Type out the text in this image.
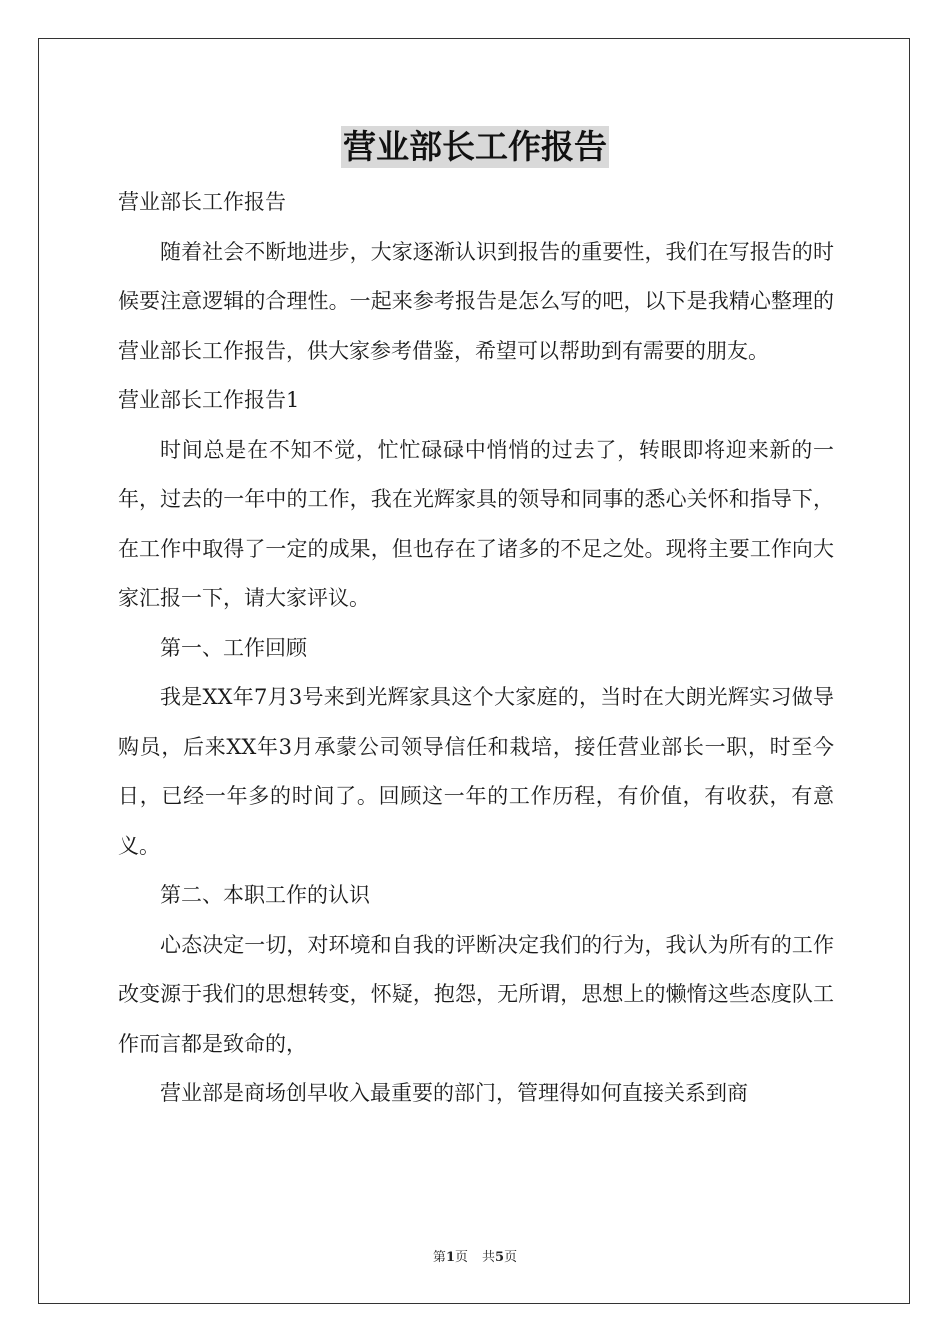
营业部长工作报告

营业部长工作报告

随着社会不断地进步，大家逐渐认识到报告的重要性，我们在写报告的时候要注意逻辑的合理性。一起来参考报告是怎么写的吧，以下是我精心整理的营业部长工作报告，供大家参考借鉴，希望可以帮助到有需要的朋友。

营业部长工作报告1

时间总是在不知不觉，忙忙碌碌中悄悄的过去了，转眼即将迎来新的一年，过去的一年中的工作，我在光辉家具的领导和同事的悉心关怀和指导下，在工作中取得了一定的成果，但也存在了诸多的不足之处。现将主要工作向大家汇报一下，请大家评议。

第一、工作回顾

我是XX年7月3号来到光辉家具这个大家庭的，当时在大朗光辉实习做导购员，后来XX年3月承蒙公司领导信任和栽培，接任营业部长一职，时至今日，已经一年多的时间了。回顾这一年的工作历程，有价值，有收获，有意义。

第二、本职工作的认识

心态决定一切，对环境和自我的评断决定我们的行为，我认为所有的工作改变源于我们的思想转变，怀疑，抱怨，无所谓，思想上的懒惰这些态度队工作而言都是致命的，

营业部是商场创早收入最重要的部门，管理得如何直接关系到商

第1页 共5页
